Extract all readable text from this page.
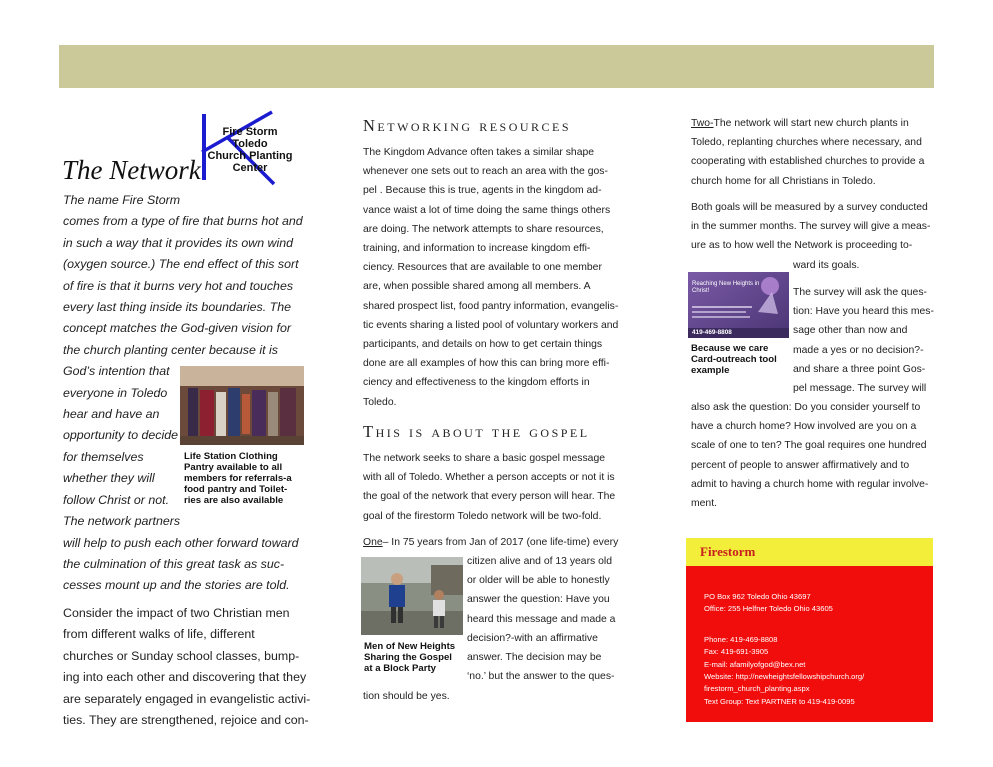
Fire Storm
Toledo
Church Planting
Center
The Network
The name Fire Storm
comes from a type of fire that burns hot and
in such a way that it provides its own wind
(oxygen source.) The end effect of this sort
of fire is that it burns very hot and touches
every last thing inside its boundaries. The
concept matches the God-given vision for
the church planting center because it is
God’s intention that
everyone in Toledo
hear and have an
opportunity to decide
for themselves
whether they will
follow Christ or not.
The network partners
will help to push each other forward toward
the culmination of this great task as suc-
cesses mount up and the stories are told.
Life Station Clothing
Pantry available to all
members for referrals-a
food pantry and Toilet-
ries are also available
Consider the impact of two Christian men
from different walks of life, different
churches or Sunday school classes, bump-
ing into each other and discovering that they
are separately engaged in evangelistic activi-
ties. They are strengthened, rejoice and con-
Networking resources
The Kingdom Advance often takes a similar shape
whenever one sets out to reach an area with the gos-
pel . Because this is true, agents in the kingdom ad-
vance waist a lot of time doing the same things others
are doing. The network attempts to share resources,
training, and information to increase kingdom effi-
ciency. Resources that are available to one member
are, when possible shared among all members. A
shared prospect list, food pantry information, evangelis-
tic events sharing a listed pool of voluntary workers and
participants, and details on how to get certain things
done are all examples of how this can bring more effi-
ciency and effectiveness to the kingdom efforts in
Toledo.
This is about the gospel
The network seeks to share a basic gospel message
with all of Toledo. Whether a person accepts or not it is
the goal of the network that every person will hear. The
goal of the firestorm Toledo network will be two-fold.
One– In 75 years from Jan of 2017 (one life-time) every
Men of New Heights
Sharing the Gospel
at a Block Party
citizen alive and of 13 years old
or older will be able to honestly
answer the question: Have you
heard this message and made a
decision?-with an affirmative
answer. The decision may be
‘no.’ but the answer to the ques-
tion should be yes.
Two-The network will start new church plants in
Toledo, replanting churches where necessary, and
cooperating with established churches to provide a
church home for all Christians in Toledo.
Both goals will be measured by a survey conducted
in the summer months. The survey will give a meas-
ure as to how well the Network is proceeding to-
ward its goals.
Reaching New Heights in Christ!
419-469-8808
Because we care
Card-outreach tool
example
The survey will ask the ques-
tion: Have you heard this mes-
sage other than now and
made a yes or no decision?-
and share a three point Gos-
pel message. The survey will
also ask the question: Do you consider yourself to
have a church home? How involved are you on a
scale of one to ten? The goal requires one hundred
percent of people to answer affirmatively and to
admit to having a church home with regular involve-
ment.
Firestorm
PO Box 962 Toledo Ohio 43697
Office: 255 Helfner Toledo Ohio 43605
Phone: 419-469-8808
Fax: 419-691-3905
E-mail: afamilyofgod@bex.net
Website: http://newheightsfellowshipchurch.org/
firestorm_church_planting.aspx
Text Group: Text PARTNER to 419-419-0095
